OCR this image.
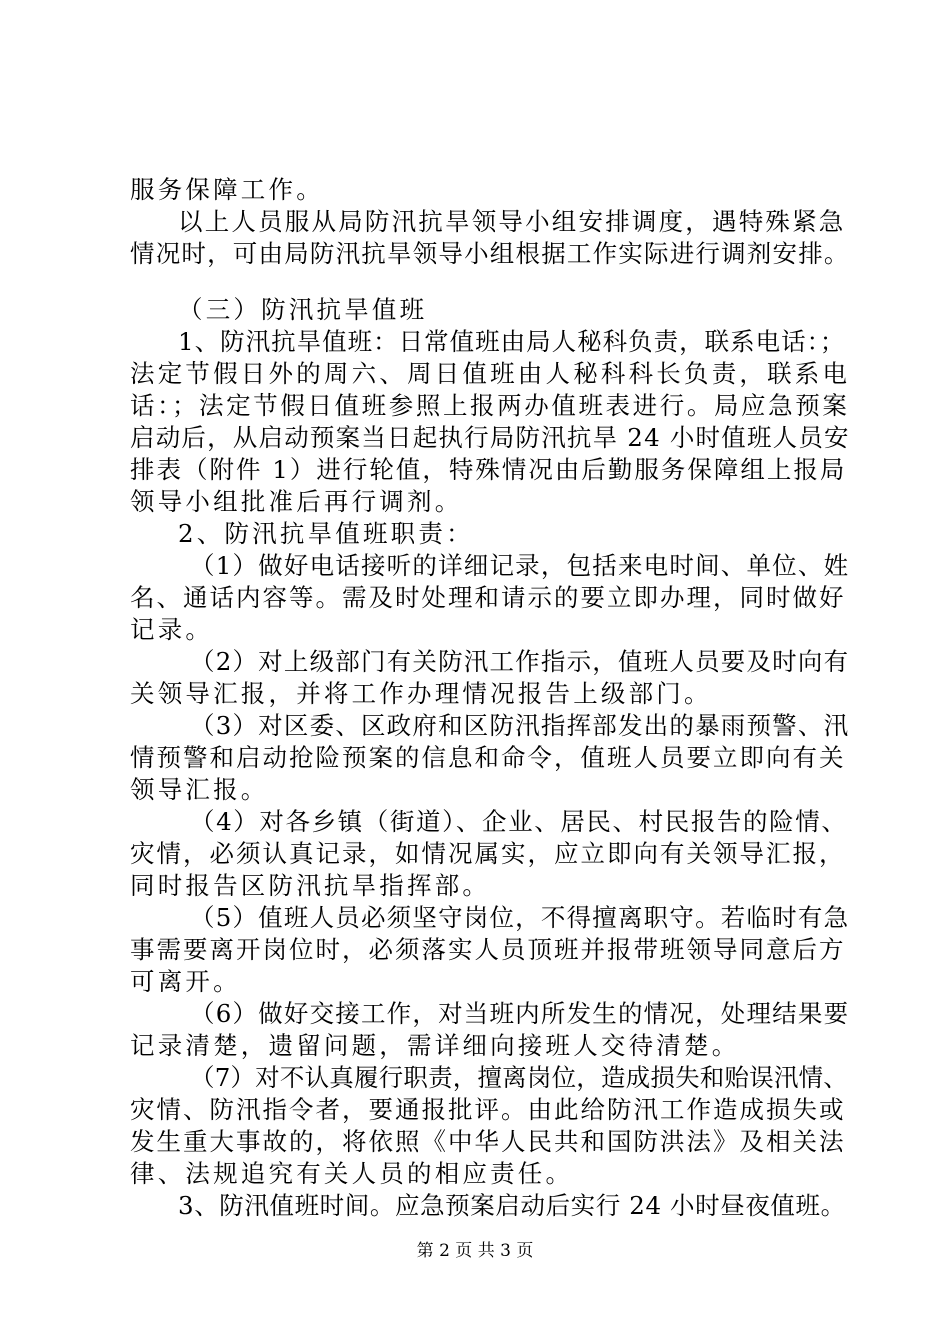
服务保障工作。
以上人员服从局防汛抗旱领导小组安排调度，遇特殊紧急
情况时，可由局防汛抗旱领导小组根据工作实际进行调剂安排。
（三）防汛抗旱值班
1、防汛抗旱值班：日常值班由局人秘科负责，联系电话：；
法定节假日外的周六、周日值班由人秘科科长负责，联系电
话：；法定节假日值班参照上报两办值班表进行。局应急预案
启动后，从启动预案当日起执行局防汛抗旱 24 小时值班人员安
排表（附件 1）进行轮值，特殊情况由后勤服务保障组上报局
领导小组批准后再行调剂。
2、防汛抗旱值班职责：
（1）做好电话接听的详细记录，包括来电时间、单位、姓
名、通话内容等。需及时处理和请示的要立即办理，同时做好
记录。
（2）对上级部门有关防汛工作指示，值班人员要及时向有
关领导汇报，并将工作办理情况报告上级部门。
（3）对区委、区政府和区防汛指挥部发出的暴雨预警、汛
情预警和启动抢险预案的信息和命令，值班人员要立即向有关
领导汇报。
（4）对各乡镇（街道）、企业、居民、村民报告的险情、
灾情，必须认真记录，如情况属实，应立即向有关领导汇报，
同时报告区防汛抗旱指挥部。
（5）值班人员必须坚守岗位，不得擅离职守。若临时有急
事需要离开岗位时，必须落实人员顶班并报带班领导同意后方
可离开。
（6）做好交接工作，对当班内所发生的情况，处理结果要
记录清楚，遗留问题，需详细向接班人交待清楚。
（7）对不认真履行职责，擅离岗位，造成损失和贻误汛情、
灾情、防汛指令者，要通报批评。由此给防汛工作造成损失或
发生重大事故的，将依照《中华人民共和国防洪法》及相关法
律、法规追究有关人员的相应责任。
3、防汛值班时间。应急预案启动后实行 24 小时昼夜值班。
第 2 页 共 3 页
